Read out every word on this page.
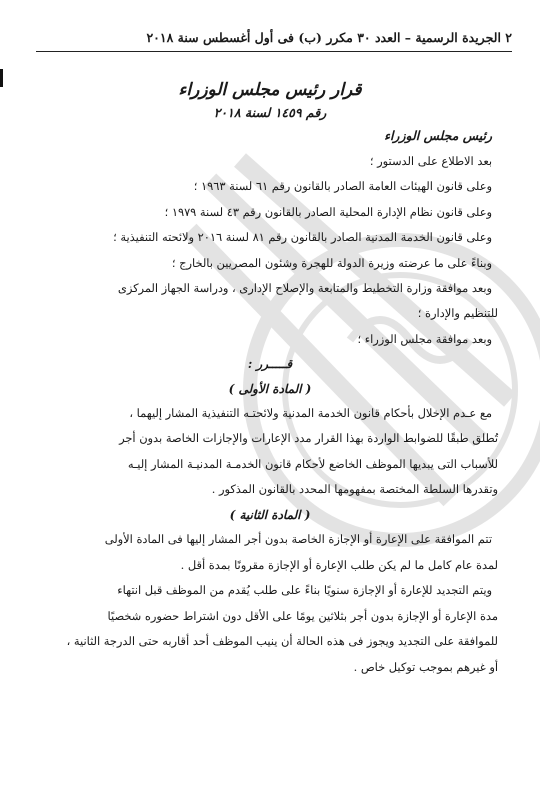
٢ الجريدة الرسمية – العدد ٣٠ مكرر (ب) فى أول أغسطس سنة ٢٠١٨
قرار رئيس مجلس الوزراء
رقم ١٤٥٩ لسنة ٢٠١٨
رئيس مجلس الوزراء
بعد الاطلاع على الدستور ؛
وعلى قانون الهيئات العامة الصادر بالقانون رقم ٦١ لسنة ١٩٦٣ ؛
وعلى قانون نظام الإدارة المحلية الصادر بالقانون رقم ٤٣ لسنة ١٩٧٩ ؛
وعلى قانون الخدمة المدنية الصادر بالقانون رقم ٨١ لسنة ٢٠١٦ ولائحته التنفيذية ؛
وبناءً على ما عرضته وزيرة الدولة للهجرة وشئون المصريين بالخارج ؛
وبعد موافقة وزارة التخطيط والمتابعة والإصلاح الإدارى ، ودراسة الجهاز المركزى
للتنظيم والإدارة ؛
وبعد موافقة مجلس الوزراء ؛
قـــــرر :
( المادة الأولى )
مع عـدم الإخلال بأحكام قانون الخدمة المدنية ولائحتـه التنفيذية المشار إليهما ،
تُطلق طبقًا للضوابط الواردة بهذا القرار مدد الإعارات والإجازات الخاصة بدون أجر
للأسباب التى يبديها الموظف الخاضع لأحكام قانون الخدمـة المدنيـة المشار إليـه
وتقدرها السلطة المختصة بمفهومها المحدد بالقانون المذكور .
( المادة الثانية )
تتم الموافقة على الإعارة أو الإجازة الخاصة بدون أجر المشار إليها فى المادة الأولى
لمدة عام كامل ما لم يكن طلب الإعارة أو الإجازة مقرونًا بمدة أقل .
ويتم التجديد للإعارة أو الإجازة سنويًا بناءً على طلب يُقدم من الموظف قبل انتهاء
مدة الإعارة أو الإجازة بدون أجر بثلاثين يومًا على الأقل دون اشتراط حضوره شخصيًا
للموافقة على التجديد ويجوز فى هذه الحالة أن ينيب الموظف أحد أقاربه حتى الدرجة الثانية ،
أو غيرهم بموجب توكيل خاص .
